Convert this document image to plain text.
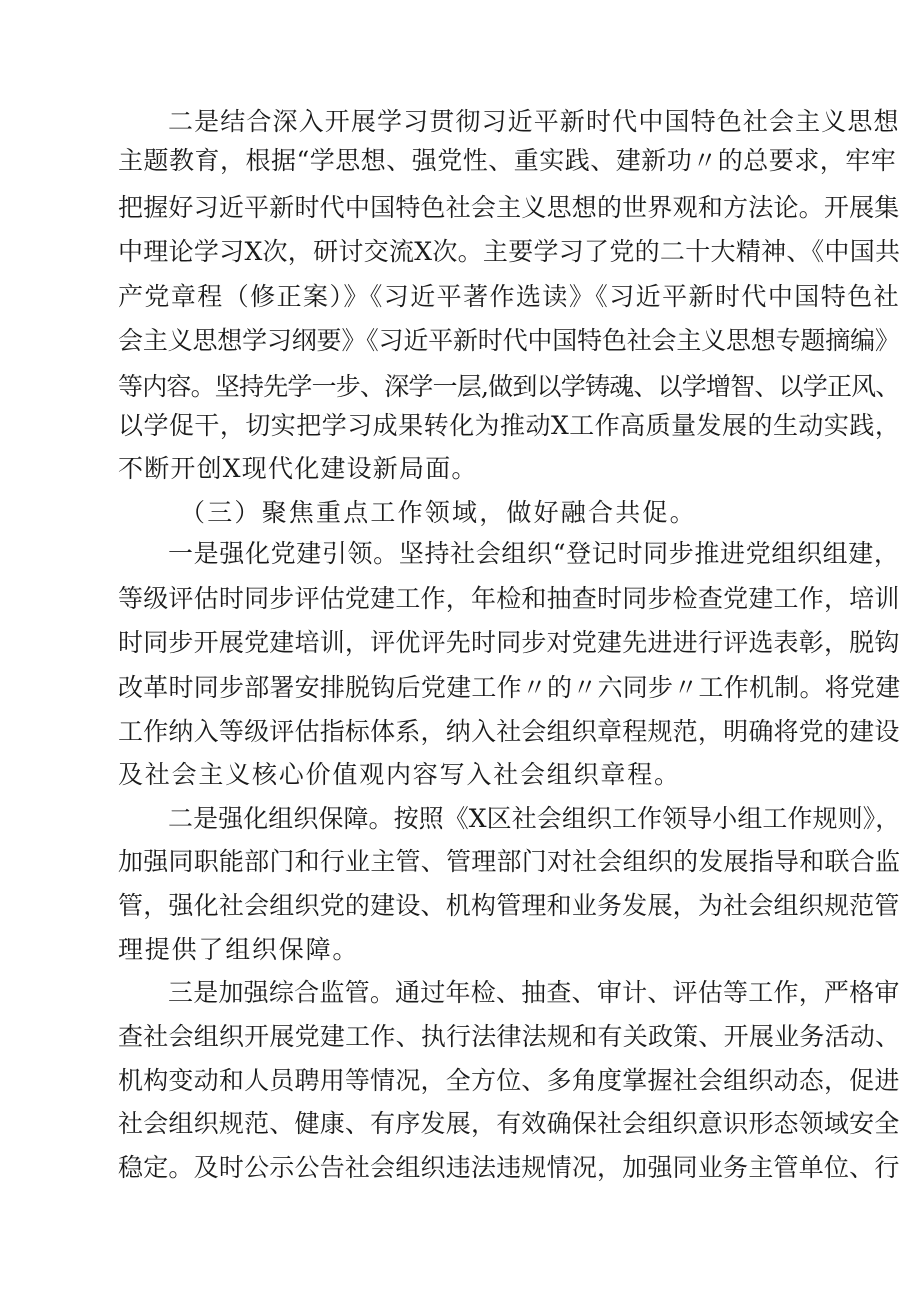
二是结合深入开展学习贯彻习近平新时代中国特色社会主义思想
主题教育，根据“学思想、强党性、重实践、建新功〃的总要求，牢牢
把握好习近平新时代中国特色社会主义思想的世界观和方法论。开展集
中理论学习X次，研讨交流X次。主要学习了党的二十大精神、《中国共
产党章程（修正案）》《习近平著作选读》《习近平新时代中国特色社
会主义思想学习纲要》《习近平新时代中国特色社会主义思想专题摘编》
等内容。坚持先学一步、深学一层,做到以学铸魂、以学增智、以学正风、
以学促干，切实把学习成果转化为推动X工作高质量发展的生动实践，
不断开创X现代化建设新局面。
（三）聚焦重点工作领域，做好融合共促。
一是强化党建引领。坚持社会组织“登记时同步推进党组织组建，
等级评估时同步评估党建工作，年检和抽查时同步检查党建工作，培训
时同步开展党建培训，评优评先时同步对党建先进进行评选表彰，脱钩
改革时同步部署安排脱钩后党建工作〃的〃六同步〃工作机制。将党建
工作纳入等级评估指标体系，纳入社会组织章程规范，明确将党的建设
及社会主义核心价值观内容写入社会组织章程。
二是强化组织保障。按照《X区社会组织工作领导小组工作规则》，
加强同职能部门和行业主管、管理部门对社会组织的发展指导和联合监
管，强化社会组织党的建设、机构管理和业务发展，为社会组织规范管
理提供了组织保障。
三是加强综合监管。通过年检、抽查、审计、评估等工作，严格审
查社会组织开展党建工作、执行法律法规和有关政策、开展业务活动、
机构变动和人员聘用等情况，全方位、多角度掌握社会组织动态，促进
社会组织规范、健康、有序发展，有效确保社会组织意识形态领域安全
稳定。及时公示公告社会组织违法违规情况，加强同业务主管单位、行
